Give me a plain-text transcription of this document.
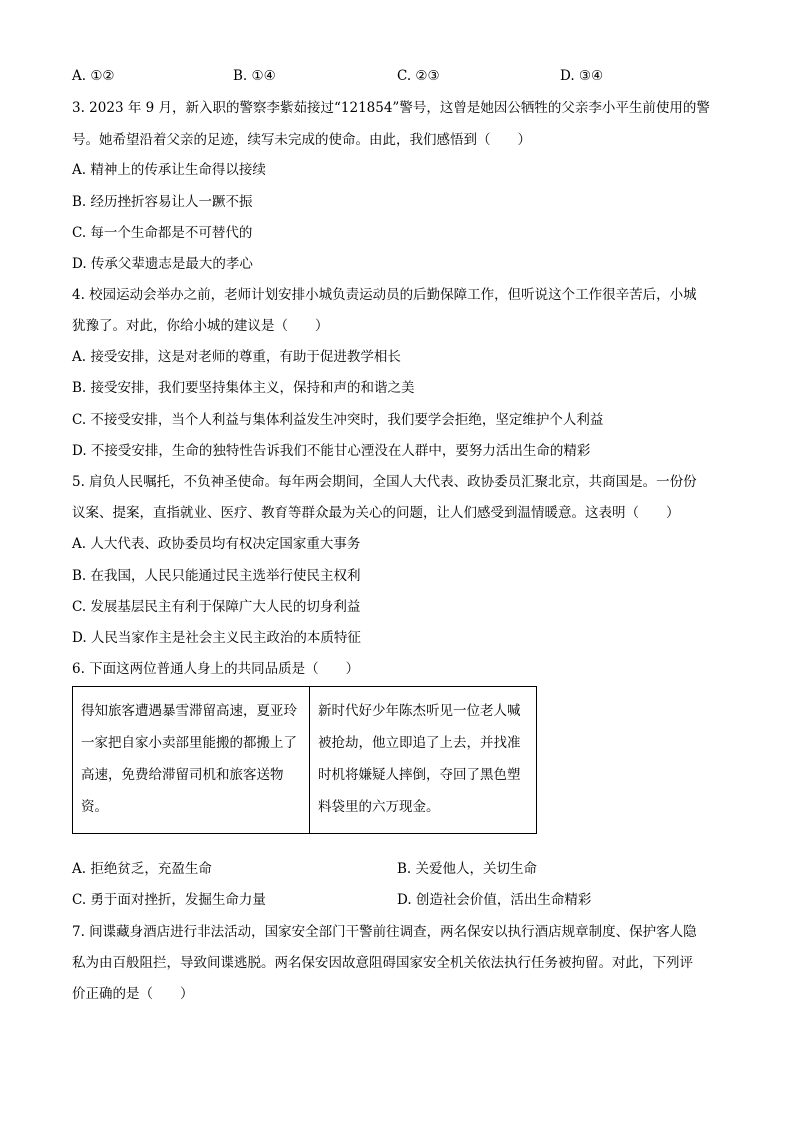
A. ①②	B. ①④	C. ②③	D. ③④
3. 2023 年 9 月，新入职的警察李紫茹接过“121854”警号，这曾是她因公牺牲的父亲李小平生前使用的警
号。她希望沿着父亲的足迹，续写未完成的使命。由此，我们感悟到（　　）
A. 精神上的传承让生命得以接续
B. 经历挫折容易让人一蹶不振
C. 每一个生命都是不可替代的
D. 传承父辈遗志是最大的孝心
4. 校园运动会举办之前，老师计划安排小城负责运动员的后勤保障工作，但听说这个工作很辛苦后，小城
犹豫了。对此，你给小城的建议是（　　）
A. 接受安排，这是对老师的尊重，有助于促进教学相长
B. 接受安排，我们要坚持集体主义，保持和声的和谐之美
C. 不接受安排，当个人利益与集体利益发生冲突时，我们要学会拒绝，坚定维护个人利益
D. 不接受安排，生命的独特性告诉我们不能甘心湮没在人群中，要努力活出生命的精彩
5. 肩负人民嘱托，不负神圣使命。每年两会期间，全国人大代表、政协委员汇聚北京，共商国是。一份份
议案、提案，直指就业、医疗、教育等群众最为关心的问题，让人们感受到温情暖意。这表明（　　）
A. 人大代表、政协委员均有权决定国家重大事务
B. 在我国，人民只能通过民主选举行使民主权利
C. 发展基层民主有利于保障广大人民的切身利益
D. 人民当家作主是社会主义民主政治的本质特征
6. 下面这两位普通人身上的共同品质是（　　）
得知旅客遭遇暴雪滞留高速，夏亚玲一家把自家小卖部里能搬的都搬上了高速，免费给滞留司机和旅客送物资。	新时代好少年陈杰听见一位老人喊被抢劫，他立即追了上去，并找准时机将嫌疑人摔倒，夺回了黑色塑料袋里的六万现金。
A. 拒绝贫乏，充盈生命	B. 关爱他人，关切生命
C. 勇于面对挫折，发掘生命力量	D. 创造社会价值，活出生命精彩
7. 间谍藏身酒店进行非法活动，国家安全部门干警前往调查，两名保安以执行酒店规章制度、保护客人隐
私为由百般阻拦，导致间谍逃脱。两名保安因故意阻碍国家安全机关依法执行任务被拘留。对此，下列评
价正确的是（　　）
